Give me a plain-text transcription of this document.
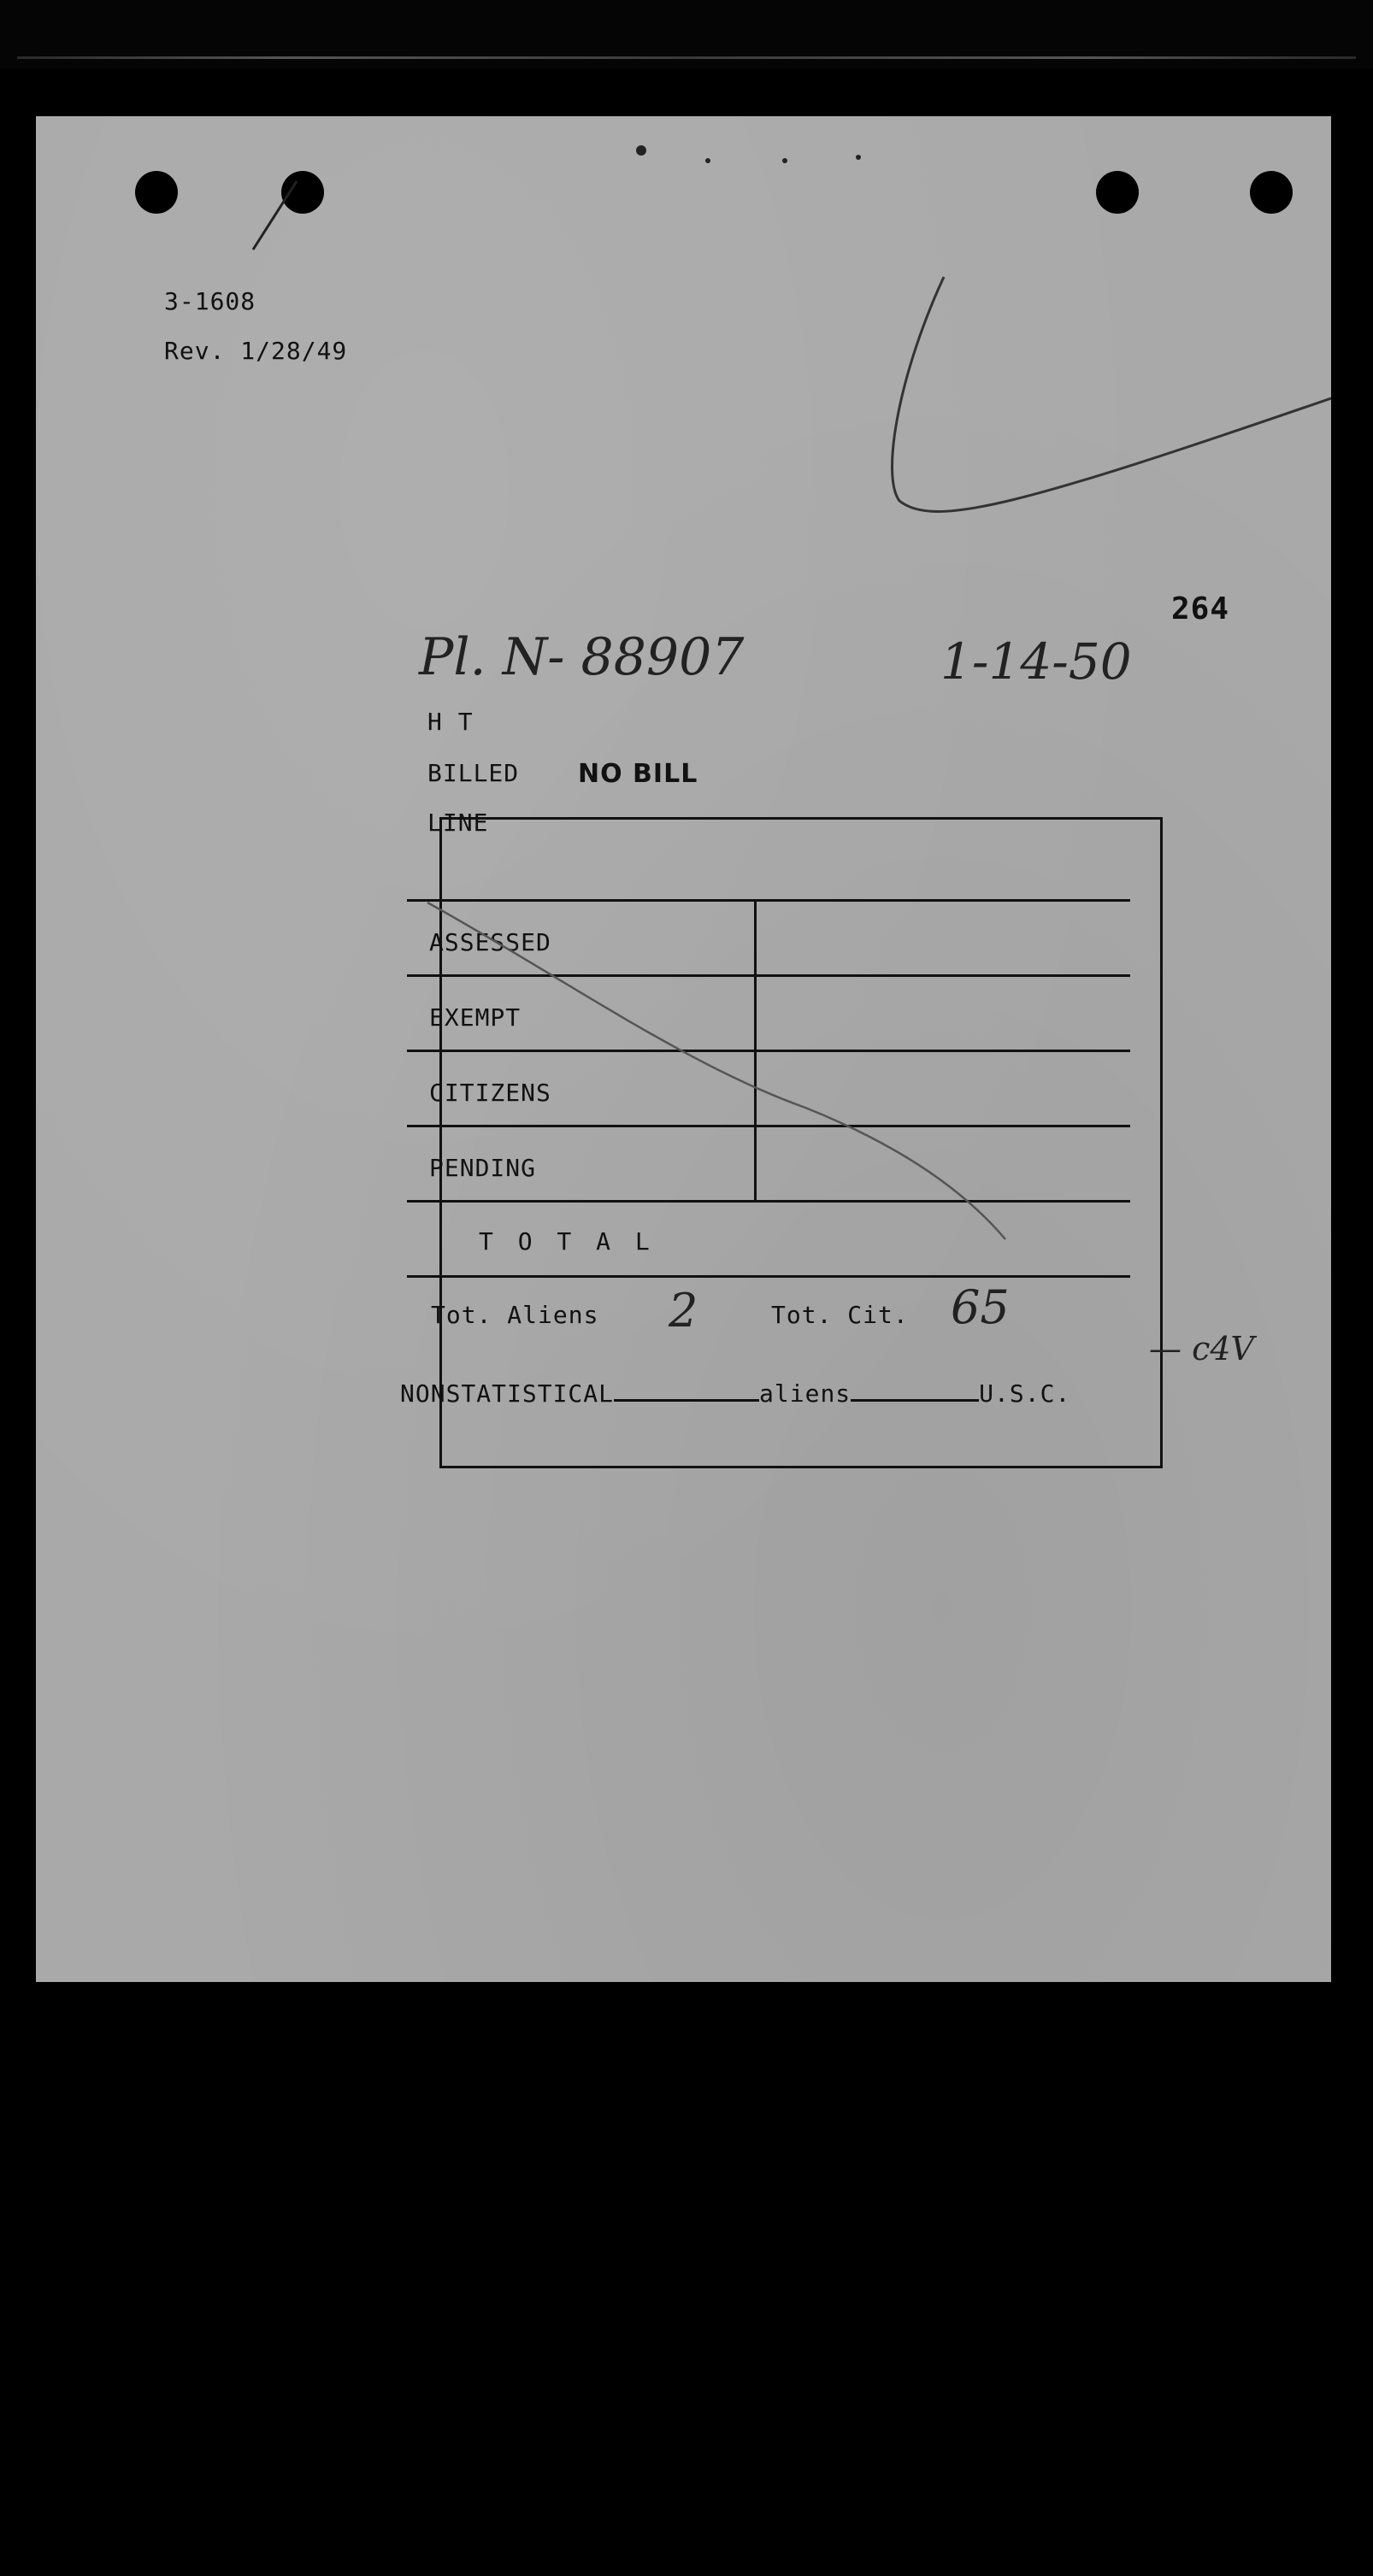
3-1608
Rev. 1/28/49
264
Pl. N- 88907	1-14-50
H T
BILLED NO BILL
LINE
ASSESSED
EXEMPT
CITIZENS
PENDING
T O T A L
Tot. Aliens 2	Tot. Cit. 65
— c4V
NONSTATISTICAL	aliens	U.S.C.
